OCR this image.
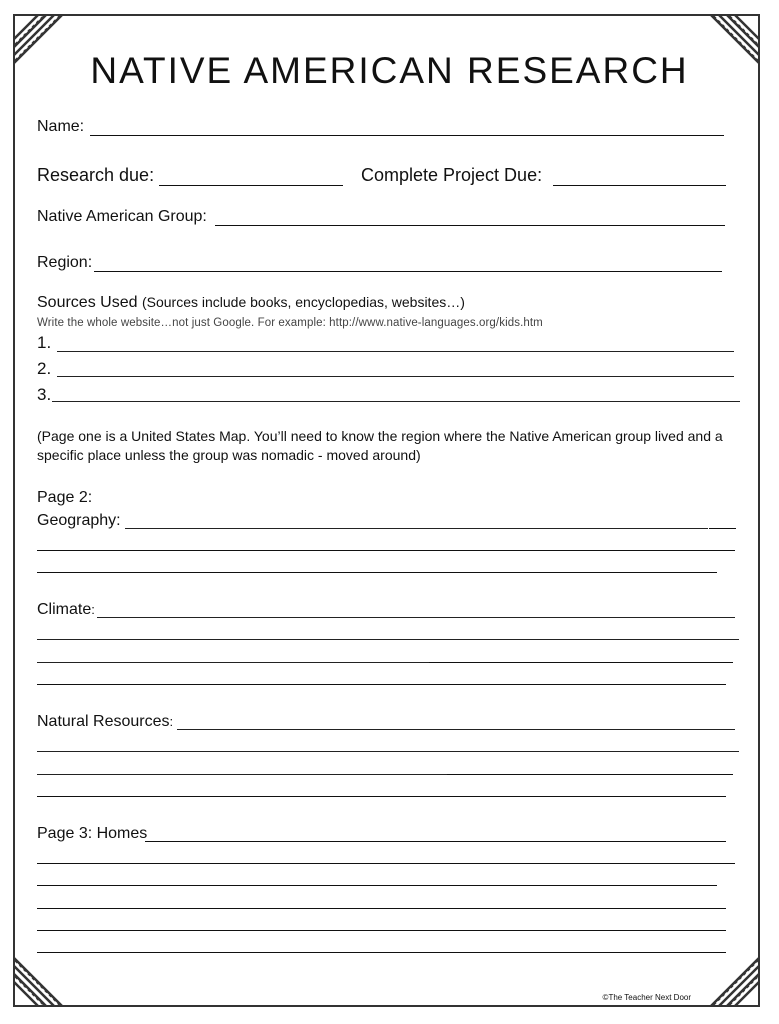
NATIVE AMERICAN RESEARCH
Name:
Research due:	Complete Project Due:
Native American Group:
Region:
Sources Used (Sources include books, encyclopedias, websites…)
Write the whole website…not just Google. For example: http://www.native-languages.org/kids.htm
1.
2.
3.
(Page one is a United States Map. You’ll need to know the region where the Native American group lived and a specific place unless the group was nomadic - moved around)
Page 2:
Geography:
Climate:
Natural Resources:
Page 3: Homes
©The Teacher Next Door
